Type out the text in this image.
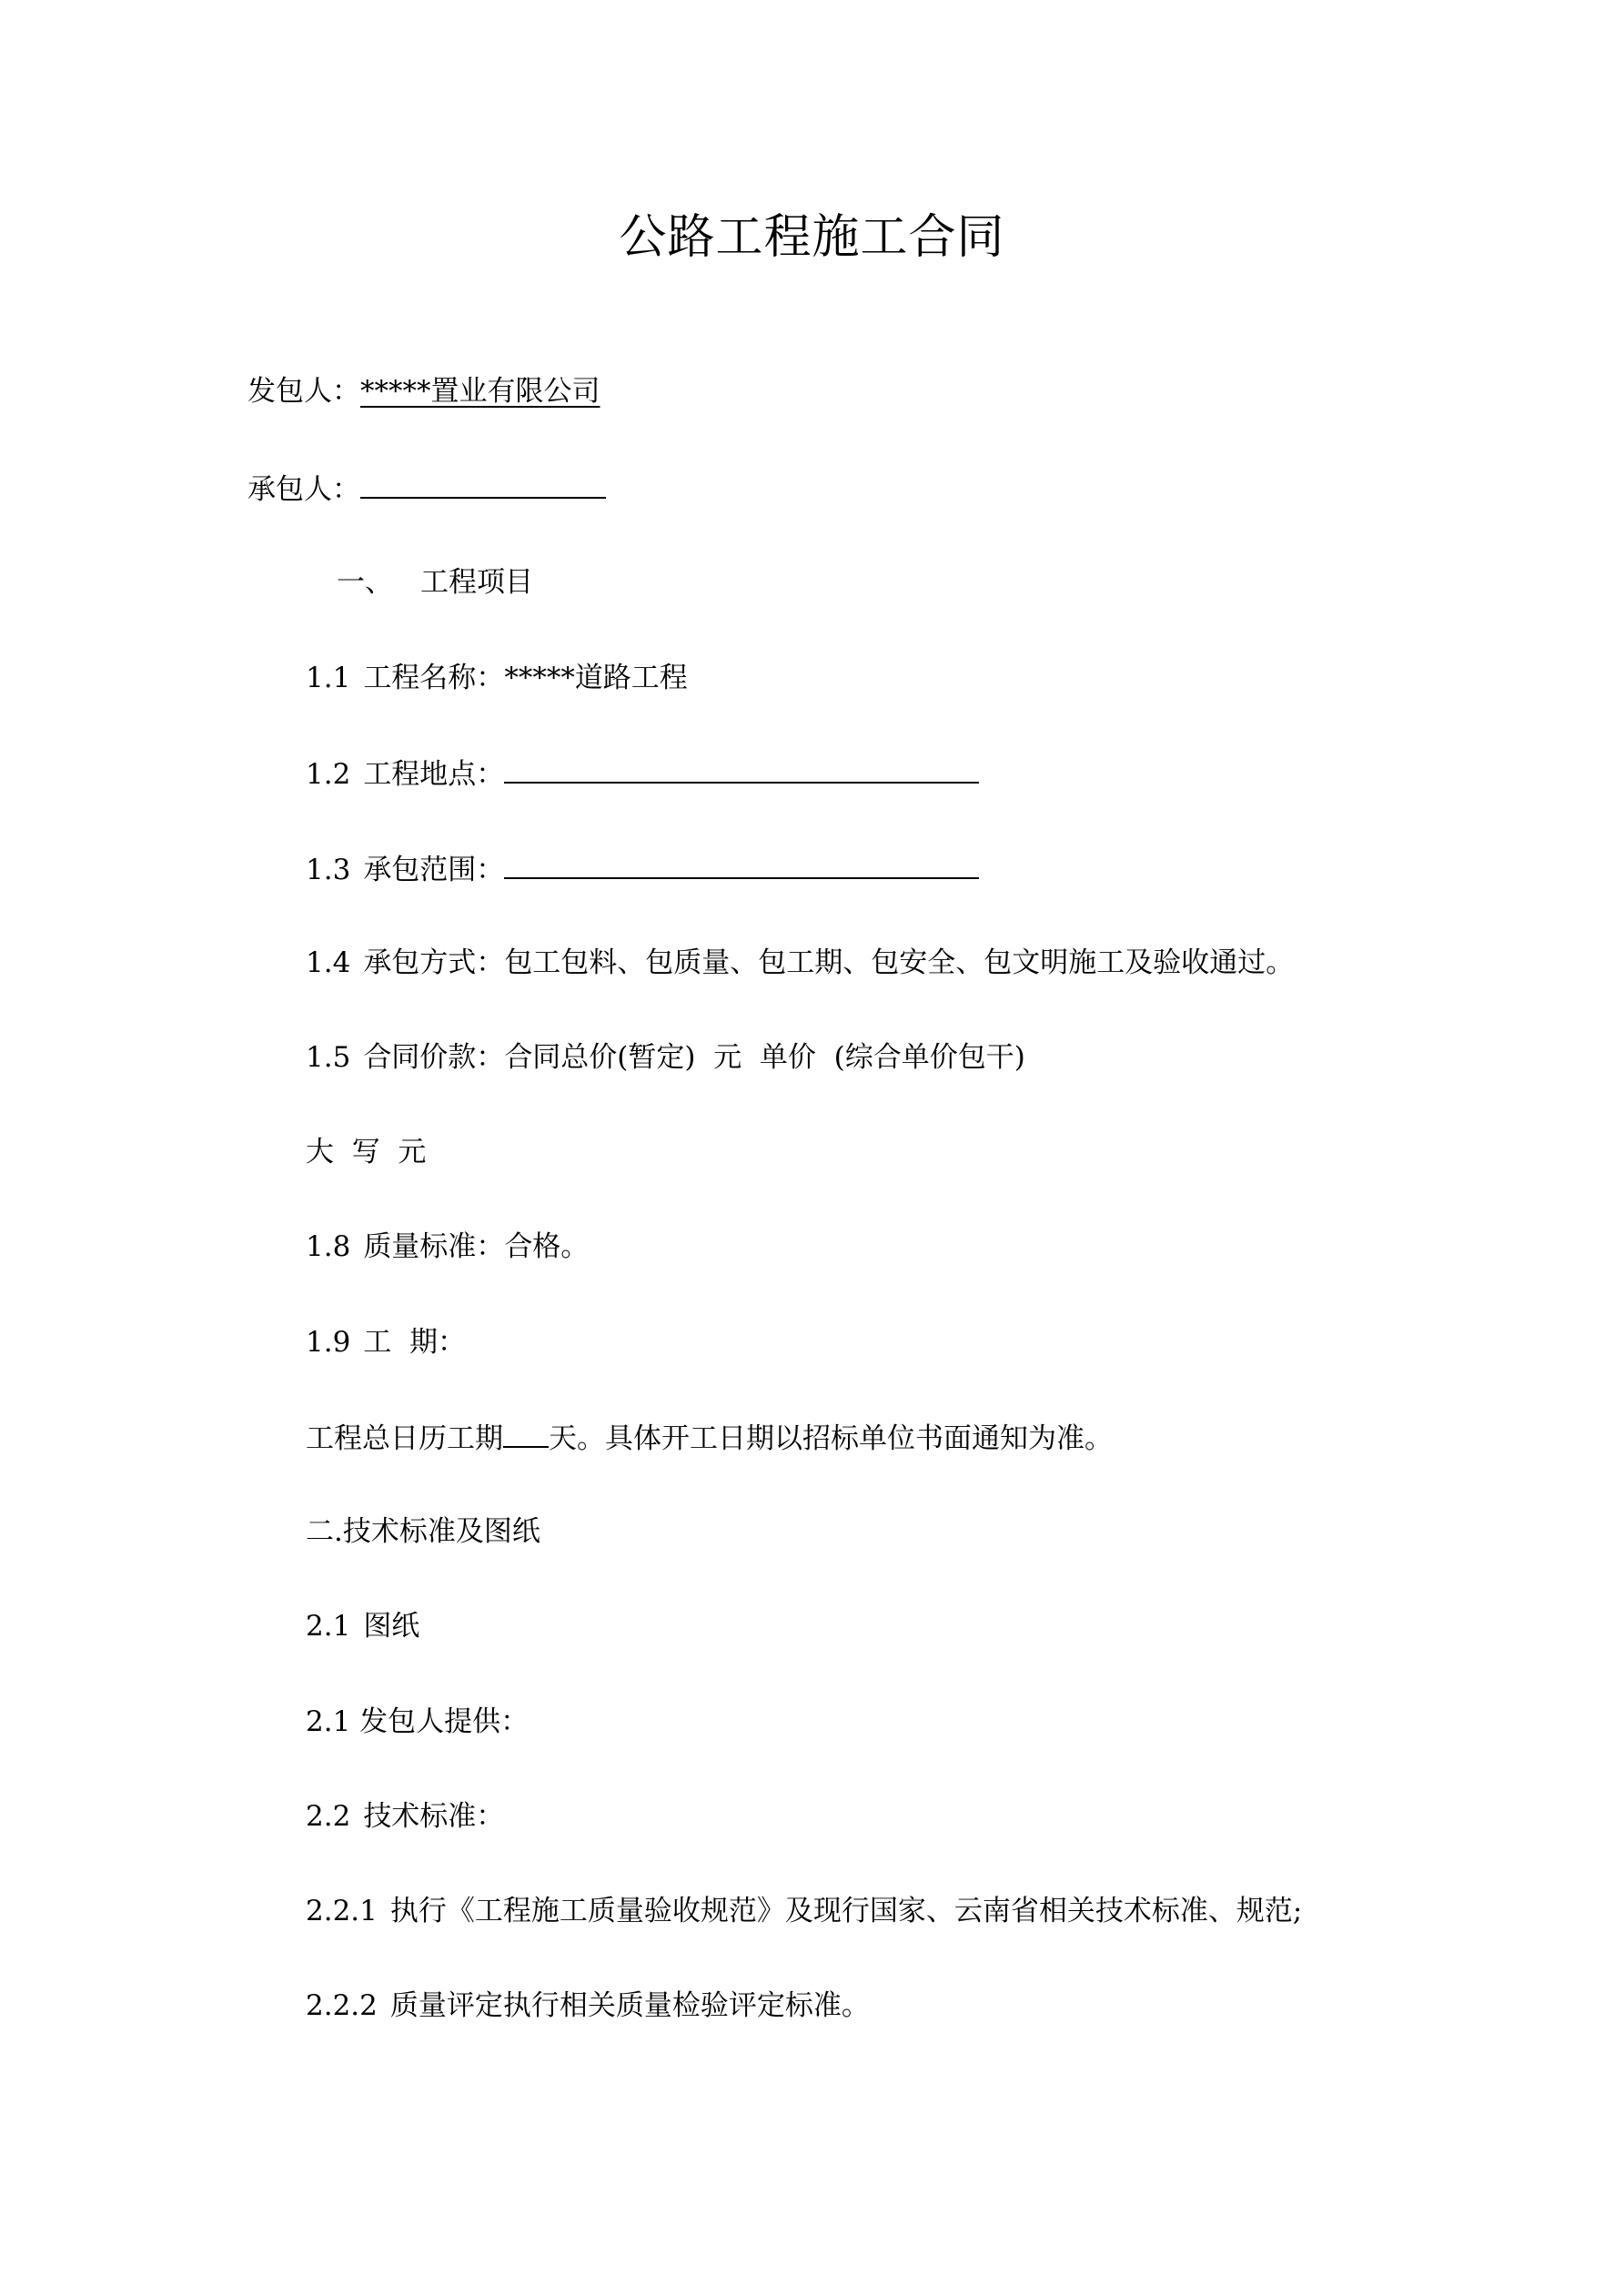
公路工程施工合同
发包人：*****置业有限公司
承包人：
一、 工程项目
1.1 工程名称：*****道路工程
1.2 工程地点：
1.3 承包范围：
1.4 承包方式：包工包料、包质量、包工期、包安全、包文明施工及验收通过。
1.5 合同价款：合同总价(暂定)  元  单价  (综合单价包干)
大  写  元
1.8 质量标准：合格。
1.9 工  期：
工程总日历工期 天。具体开工日期以招标单位书面通知为准。
二.技术标准及图纸
2.1 图纸
2.1 发包人提供：
2.2 技术标准：
2.2.1 执行《工程施工质量验收规范》及现行国家、云南省相关技术标准、规范;
2.2.2 质量评定执行相关质量检验评定标准。
